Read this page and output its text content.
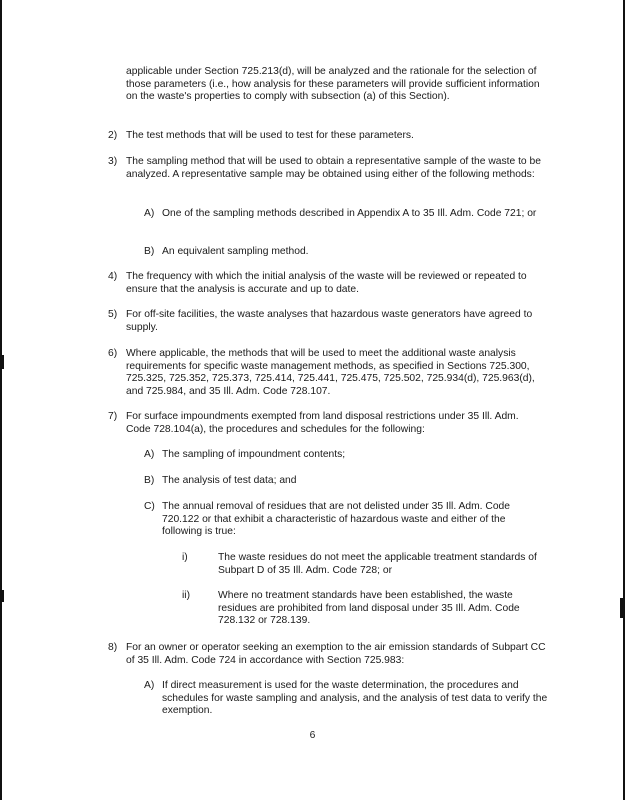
applicable under Section 725.213(d), will be analyzed and the rationale for the selection of those parameters (i.e., how analysis for these parameters will provide sufficient information on the waste's properties to comply with subsection (a) of this Section).

2) The test methods that will be used to test for these parameters.

3) The sampling method that will be used to obtain a representative sample of the waste to be analyzed. A representative sample may be obtained using either of the following methods:

A) One of the sampling methods described in Appendix A to 35 Ill. Adm. Code 721; or

B) An equivalent sampling method.

4) The frequency with which the initial analysis of the waste will be reviewed or repeated to ensure that the analysis is accurate and up to date.

5) For off-site facilities, the waste analyses that hazardous waste generators have agreed to supply.

6) Where applicable, the methods that will be used to meet the additional waste analysis requirements for specific waste management methods, as specified in Sections 725.300, 725.325, 725.352, 725.373, 725.414, 725.441, 725.475, 725.502, 725.934(d), 725.963(d), and 725.984, and 35 Ill. Adm. Code 728.107.

7) For surface impoundments exempted from land disposal restrictions under 35 Ill. Adm. Code 728.104(a), the procedures and schedules for the following:

A) The sampling of impoundment contents;

B) The analysis of test data; and

C) The annual removal of residues that are not delisted under 35 Ill. Adm. Code 720.122 or that exhibit a characteristic of hazardous waste and either of the following is true:

i)	The waste residues do not meet the applicable treatment standards of Subpart D of 35 Ill. Adm. Code 728; or

ii)	Where no treatment standards have been established, the waste residues are prohibited from land disposal under 35 Ill. Adm. Code 728.132 or 728.139.

8) For an owner or operator seeking an exemption to the air emission standards of Subpart CC of 35 Ill. Adm. Code 724 in accordance with Section 725.983:

A) If direct measurement is used for the waste determination, the procedures and schedules for waste sampling and analysis, and the analysis of test data to verify the exemption.

6
